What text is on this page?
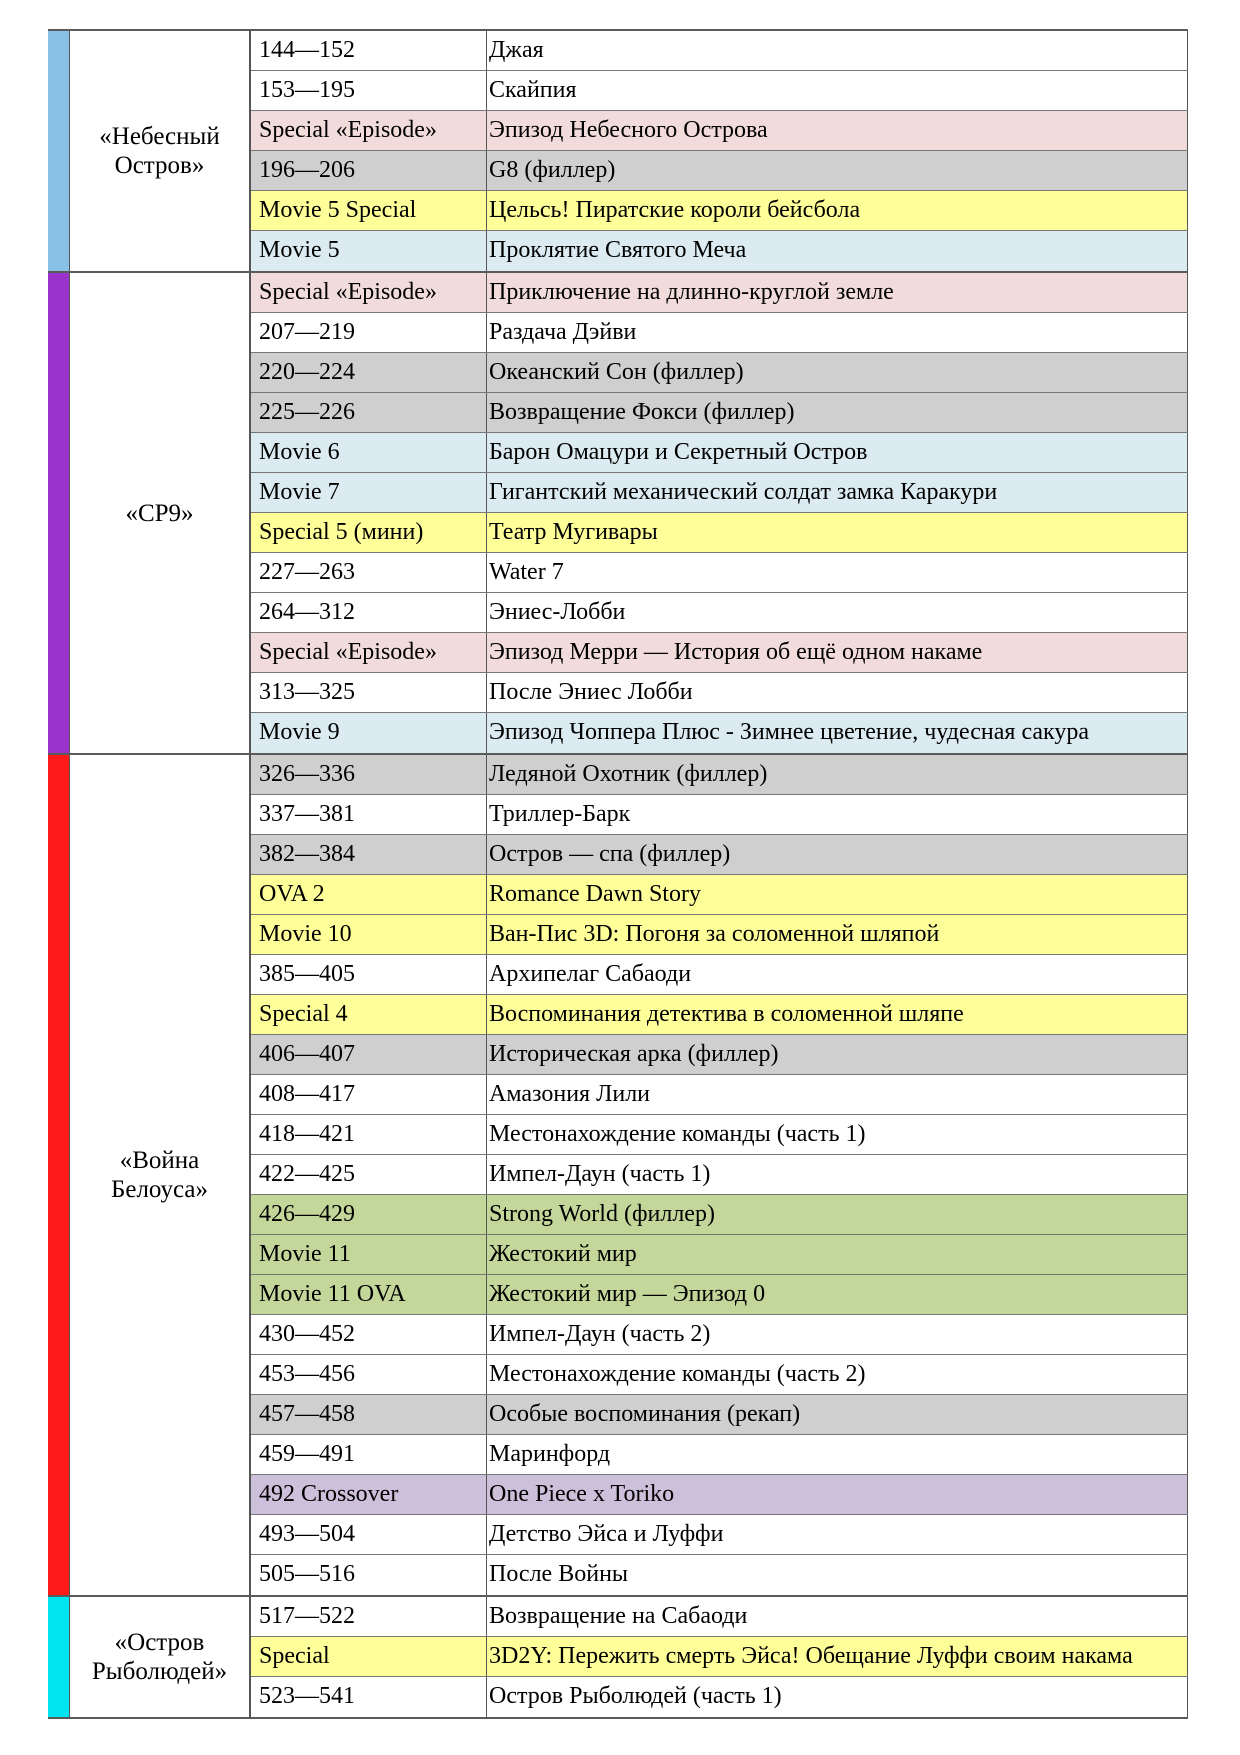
«Небесный
Остров»
144—152	Джая
153—195	Скайпия
Special «Episode»	Эпизод Небесного Острова
196—206	G8 (филлер)
Movie 5 Special	Цельсь! Пиратские короли бейсбола
Movie 5	Проклятие Святого Меча
«CP9»
Special «Episode»	Приключение на длинно-круглой земле
207—219	Раздача Дэйви
220—224	Океанский Сон (филлер)
225—226	Возвращение Фокси (филлер)
Movie 6	Барон Омацури и Секретный Остров
Movie 7	Гигантский механический солдат замка Каракури
Special 5 (мини)	Театр Мугивары
227—263	Water 7
264—312	Эниес-Лобби
Special «Episode»	Эпизод Мерри — История об ещё одном накаме
313—325	После Эниес Лобби
Movie 9	Эпизод Чоппера Плюс - Зимнее цветение, чудесная сакура
«Война
Белоуса»
326—336	Ледяной Охотник (филлер)
337—381	Триллер-Барк
382—384	Остров — спа (филлер)
OVA 2	Romance Dawn Story
Movie 10	Ван-Пис 3D: Погоня за соломенной шляпой
385—405	Архипелаг Сабаоди
Special 4	Воспоминания детектива в соломенной шляпе
406—407	Историческая арка (филлер)
408—417	Амазония Лили
418—421	Местонахождение команды (часть 1)
422—425	Импел-Даун (часть 1)
426—429	Strong World (филлер)
Movie 11	Жестокий мир
Movie 11 OVA	Жестокий мир — Эпизод 0
430—452	Импел-Даун (часть 2)
453—456	Местонахождение команды (часть 2)
457—458	Особые воспоминания (рекап)
459—491	Маринфорд
492 Crossover	One Piece x Toriko
493—504	Детство Эйса и Луффи
505—516	После Войны
«Остров
Рыболюдей»
517—522	Возвращение на Сабаоди
Special	3D2Y: Пережить смерть Эйса! Обещание Луффи своим накама
523—541	Остров Рыболюдей (часть 1)
